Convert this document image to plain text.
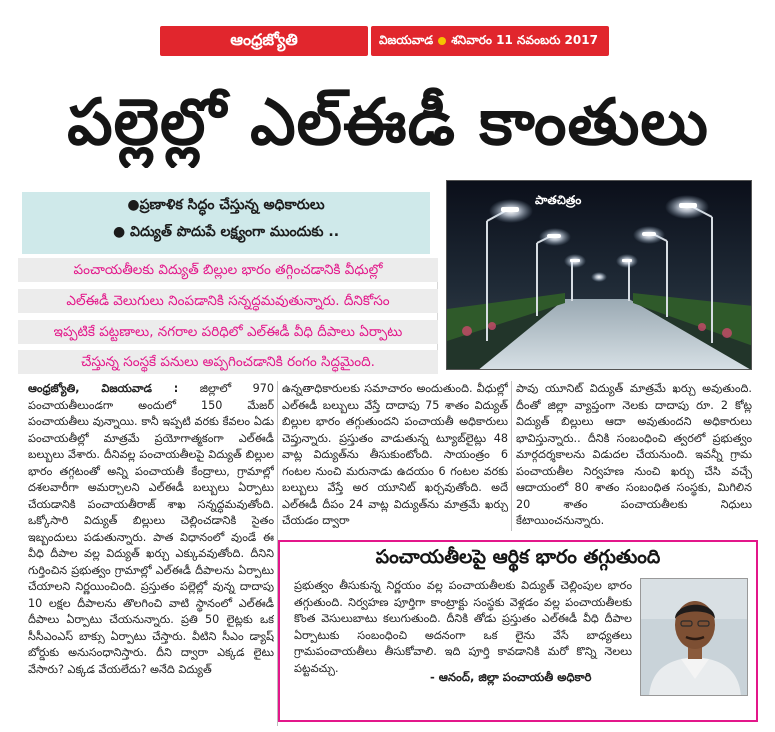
ఆంధ్రజ్యోతి	విజయవాడ శనివారం 11 నవంబరు 2017
పల్లెల్లో ఎల్‌ఈడీ కాంతులు
●ప్రణాళిక సిద్ధం చేస్తున్న అధికారులు
● విద్యుత్ పొదుపే లక్ష్యంగా ముందుకు ..
పంచాయతీలకు విద్యుత్ బిల్లుల భారం తగ్గించడానికి వీధుల్లో
ఎల్‌ఈడీ వెలుగులు నింపడానికి సన్నద్ధమవుతున్నారు. దీనికోసం
ఇప్పటికే పట్టణాలు, నగరాల పరిధిలో ఎల్‌ఈడీ వీధి దీపాలు ఏర్పాటు
చేస్తున్న సంస్థకే పనులు అప్పగించడానికి రంగం సిద్ధమైంది.
పాతచిత్రం

ఆంధ్రజ్యోతి, విజయవాడ : జిల్లాలో 970 పంచాయతీలుండగా అందులో 150 మేజర్ పంచాయతీలు వున్నాయి. కానీ ఇప్పటి వరకు కేవలం ఏడు పంచాయతీల్లో మాత్రమే ప్రయోగాత్మకంగా ఎల్‌ఈడీ బల్బులు వేశారు. దీనివల్ల పంచాయతీలపై విద్యుత్ బిల్లుల భారం తగ్గటంతో అన్ని పంచాయతీ కేంద్రాలు, గ్రామాల్లో దశలవారీగా అమర్చాలని ఎల్‌ఈడీ బల్బులు ఏర్పాటు చేయడానికి పంచాయతీరాజ్ శాఖ సన్నద్ధమవుతోంది. ఒక్కోసారి విద్యుత్ బిల్లులు చెల్లించడానికి సైతం ఇబ్బందులు పడుతున్నారు. పాత విధానంలో వుండే ఈ వీధి దీపాల వల్ల విద్యుత్ ఖర్చు ఎక్కువవుతోంది. దీనిని గుర్తించిన ప్రభుత్వం గ్రామాల్లో ఎల్‌ఈడీ దీపాలను ఏర్పాటు చేయాలని నిర్ణయించింది. ప్రస్తుతం పల్లెల్లో వున్న దాదాపు 10 లక్షల దీపాలను తొలగించి వాటి స్థానంలో ఎల్‌ఈడీ దీపాలు ఏర్పాటు చేయనున్నారు. ప్రతి 50 లైట్లకు ఒక సీసీఎంఎస్ బాక్సు ఏర్పాటు చేస్తారు. వీటిని సీఎం డ్యాష్ బోర్డుకు అనుసంధానిస్తారు. దీని ద్వారా ఎక్కడ లైటు వేసారు? ఎక్కడ వేయలేదు? అనేది విద్యుత్

ఉన్నతాధికారులకు సమాచారం అందుతుంది. వీధుల్లో ఎల్‌ఈడీ బల్బులు వేస్తే దాదాపు 75 శాతం విద్యుత్ బిల్లుల భారం తగ్గుతుందని పంచాయతీ అధికారులు చెప్తున్నారు. ప్రస్తుతం వాడుతున్న ట్యూబ్‌లైట్లు 48 వాట్ల విద్యుత్‌ను తీసుకుంటోంది. సాయంత్రం 6 గంటల నుంచి మరునాడు ఉదయం 6 గంటల వరకు బల్బులు వేస్తే అర యూనిట్ ఖర్చవుతోంది. అదే ఎల్‌ఈడీ దీపం 24 వాట్ల విద్యుత్‌ను మాత్రమే ఖర్చు చేయడం ద్వారా

పావు యూనిట్ విద్యుత్ మాత్రమే ఖర్చు అవుతుంది. దీంతో జిల్లా వ్యాప్తంగా నెలకు దాదాపు రూ. 2 కోట్ల విద్యుత్ బిల్లులు ఆదా అవుతుందని అధికారులు భావిస్తున్నారు.. దీనికి సంబంధించి త్వరలో ప్రభుత్వం మార్గదర్శకాలను విడుదల చేయనుంది. ఇవన్నీ గ్రామ పంచాయతీల నిర్వహణ నుంచి ఖర్చు చేసి వచ్చే ఆదాయంలో 80 శాతం సంబంధిత సంస్థకు, మిగిలిన 20 శాతం పంచాయతీలకు నిధులు కేటాయించనున్నారు.

పంచాయతీలపై ఆర్థిక భారం తగ్గుతుంది
ప్రభుత్వం తీసుకున్న నిర్ణయం వల్ల పంచాయతీలకు విద్యుత్ చెల్లింపుల భారం తగ్గుతుంది. నిర్వహణ పూర్తిగా కాంట్రాక్టు సంస్థకు వెళ్లడం వల్ల పంచాయతీలకు కొంత వెసులుబాటు కలుగుతుంది. దీనికి తోడు ప్రస్తుతం ఎల్‌ఈడీ వీధి దీపాల ఏర్పాటుకు సంబంధించి అదనంగా ఒక లైను వేసే బాధ్యతలు గ్రామపంచాయతీలు తీసుకోవాలి. ఇది పూర్తి కావడానికి మరో కొన్ని నెలలు పట్టవచ్చు.
- ఆనంద్, జిల్లా పంచాయతీ అధికారి
